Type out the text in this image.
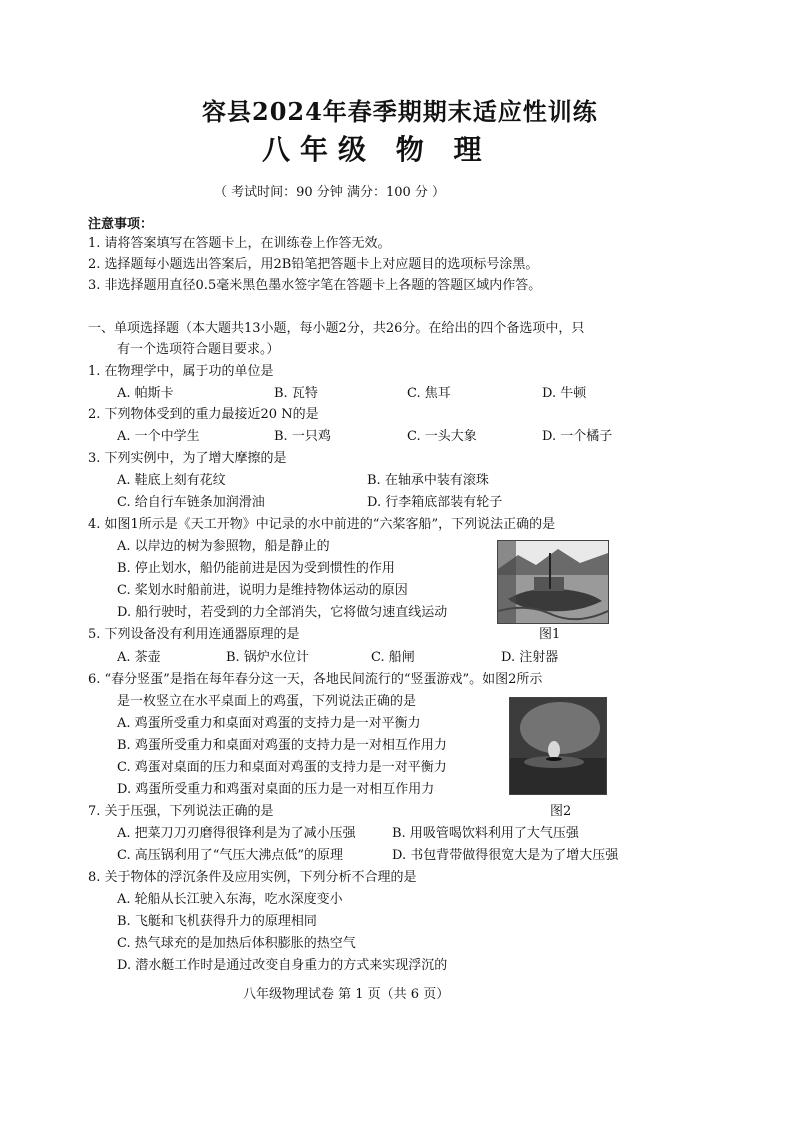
容县2024年春季期期末适应性训练
八年级 物 理
（ 考试时间：90 分钟 满分：100 分 ）
注意事项：
1. 请将答案填写在答题卡上，在训练卷上作答无效。
2. 选择题每小题选出答案后，用2B铅笔把答题卡上对应题目的选项标号涂黑。
3. 非选择题用直径0.5毫米黑色墨水签字笔在答题卡上各题的答题区域内作答。
一、单项选择题（本大题共13小题，每小题2分，共26分。在给出的四个备选项中，只
有一个选项符合题目要求。）
1. 在物理学中，属于功的单位是
A. 帕斯卡	B. 瓦特	C. 焦耳	D. 牛顿
2. 下列物体受到的重力最接近20 N的是
A. 一个中学生	B. 一只鸡	C. 一头大象	D. 一个橘子
3. 下列实例中，为了增大摩擦的是
A. 鞋底上刻有花纹	B. 在轴承中装有滚珠
C. 给自行车链条加润滑油	D. 行李箱底部装有轮子
4. 如图1所示是《天工开物》中记录的水中前进的“六桨客船”，下列说法正确的是
A. 以岸边的树为参照物，船是静止的
B. 停止划水，船仍能前进是因为受到惯性的作用
C. 桨划水时船前进，说明力是维持物体运动的原因
D. 船行驶时，若受到的力全部消失，它将做匀速直线运动
图1
5. 下列设备没有利用连通器原理的是
A. 茶壶	B. 锅炉水位计	C. 船闸	D. 注射器
6. “春分竖蛋”是指在每年春分这一天，各地民间流行的“竖蛋游戏”。如图2所示
是一枚竖立在水平桌面上的鸡蛋，下列说法正确的是
A. 鸡蛋所受重力和桌面对鸡蛋的支持力是一对平衡力
B. 鸡蛋所受重力和桌面对鸡蛋的支持力是一对相互作用力
C. 鸡蛋对桌面的压力和桌面对鸡蛋的支持力是一对平衡力
D. 鸡蛋所受重力和鸡蛋对桌面的压力是一对相互作用力
图2
7. 关于压强，下列说法正确的是
A. 把菜刀刀刃磨得很锋利是为了减小压强	B. 用吸管喝饮料利用了大气压强
C. 高压锅利用了“气压大沸点低”的原理	D. 书包背带做得很宽大是为了增大压强
8. 关于物体的浮沉条件及应用实例，下列分析不合理的是
A. 轮船从长江驶入东海，吃水深度变小
B. 飞艇和飞机获得升力的原理相同
C. 热气球充的是加热后体积膨胀的热空气
D. 潜水艇工作时是通过改变自身重力的方式来实现浮沉的
八年级物理试卷 第 1 页（共 6 页）
